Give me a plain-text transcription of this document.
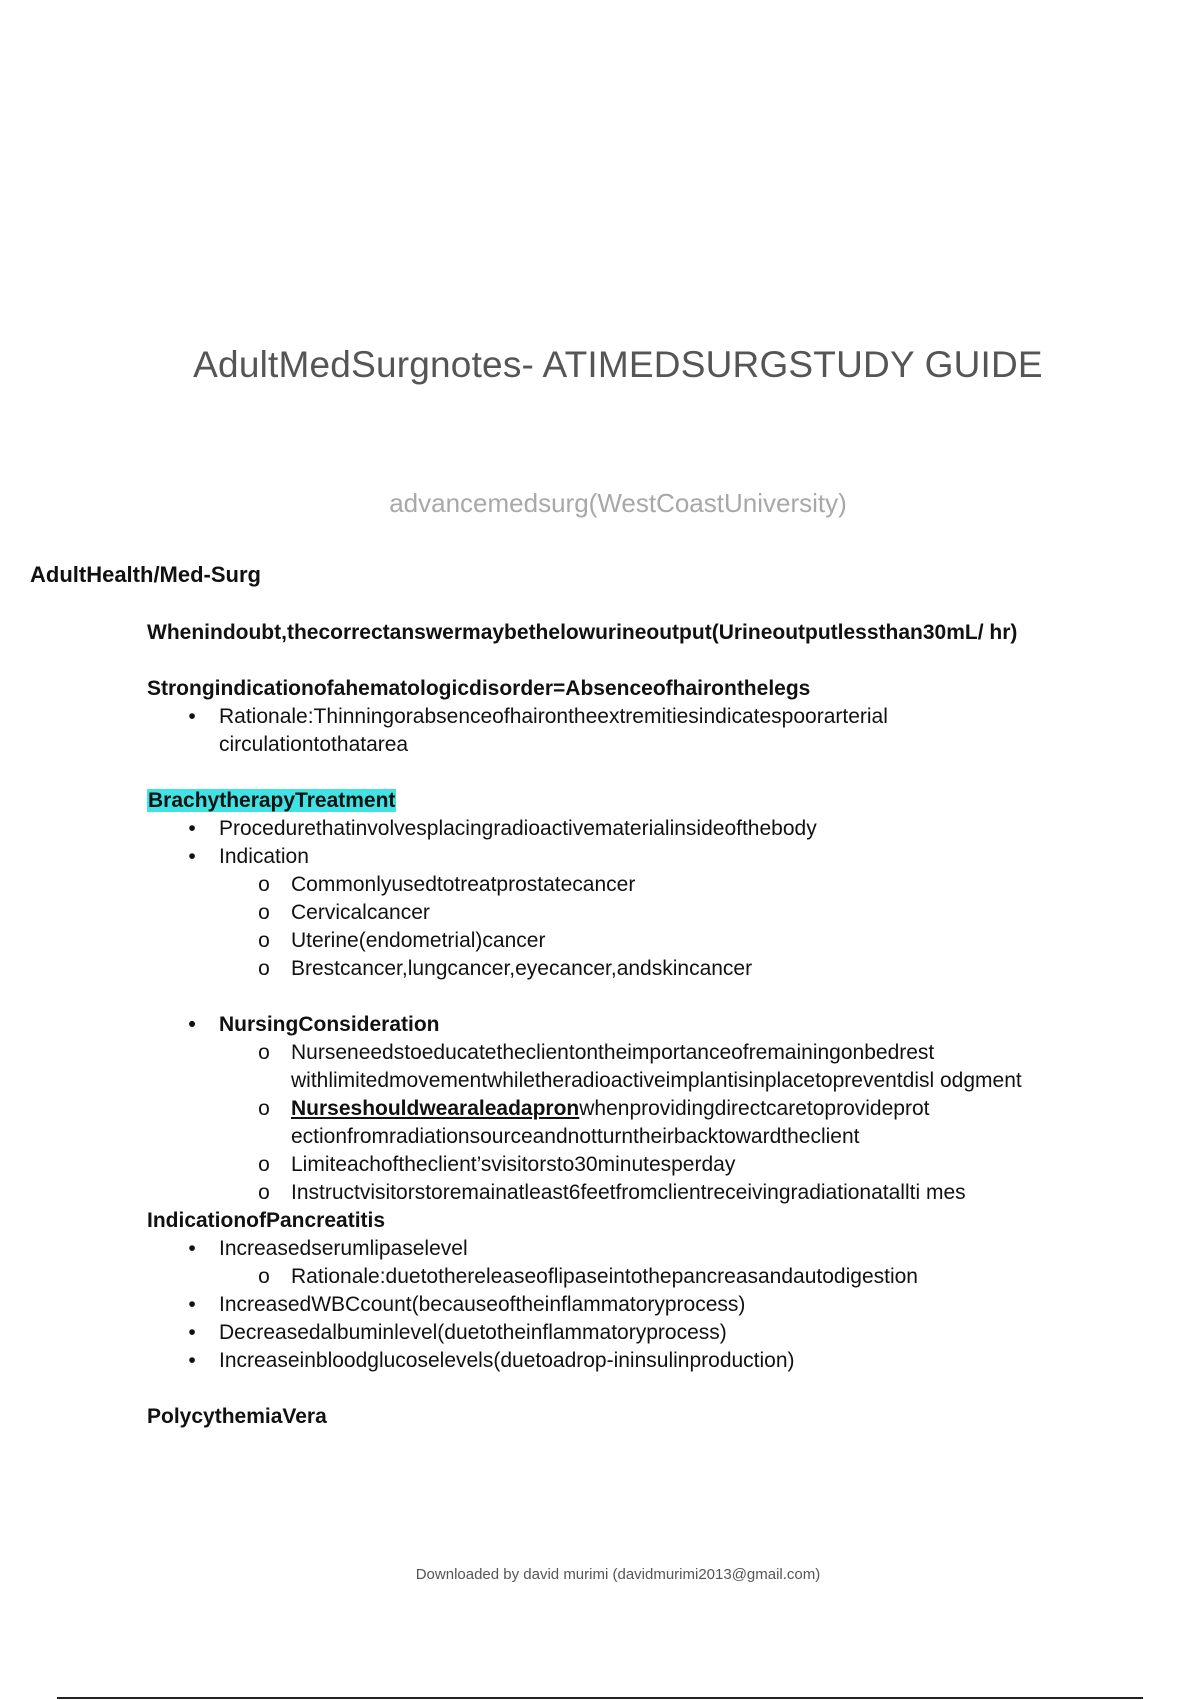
AdultMedSurgnotes- ATIMEDSURGSTUDY GUIDE
advancemedsurg(WestCoastUniversity)
AdultHealth/Med-Surg

Whenindoubt,thecorrectanswermaybethelowurineoutput(Urineoutputlessthan30mL/ hr)

Strongindicationofahematologicdisorder=Absenceofhaironthelegs

• Rationale:Thinningorabsenceofhairontheextremitiesindicatespoorarterial circulationtothatarea

BrachytherapyTreatment

• Procedurethatinvolvesplacingradioactivematerialinsideofthebody
• Indication
o Commonlyusedtotreatprostatecancer
o Cervicalcancer
o Uterine(endometrial)cancer
o Brestcancer,lungcancer,eyecancer,andskincancer
• NursingConsideration
o Nurseneedstoeducatetheclientontheimportanceofremainingonbedrest withlimitedmovementwhiletheradioactiveimplantisinplacetopreventdisl odgment
o Nurseshouldwearaleadapronwhenprovidingdirectcaretoprovideprot ectionfromradiationsourceandnotturntheirbacktowardtheclient
o Limiteachoftheclient’svisitorsto30minutesperday
o Instructvisitorstoremainatleast6feetfromclientreceivingradiationatallti mes

IndicationofPancreatitis

• Increasedserumlipaselevel
o Rationale:duetothereleaseoflipaseintothepancreasandautodigestion
• IncreasedWBCcount(becauseoftheinflammatoryprocess)
• Decreasedalbuminlevel(duetotheinflammatoryprocess)
• Increaseinbloodglucoselevels(duetoadrop-ininsulinproduction)

PolycythemiaVera

Downloaded by david murimi (davidmurimi2013@gmail.com)
